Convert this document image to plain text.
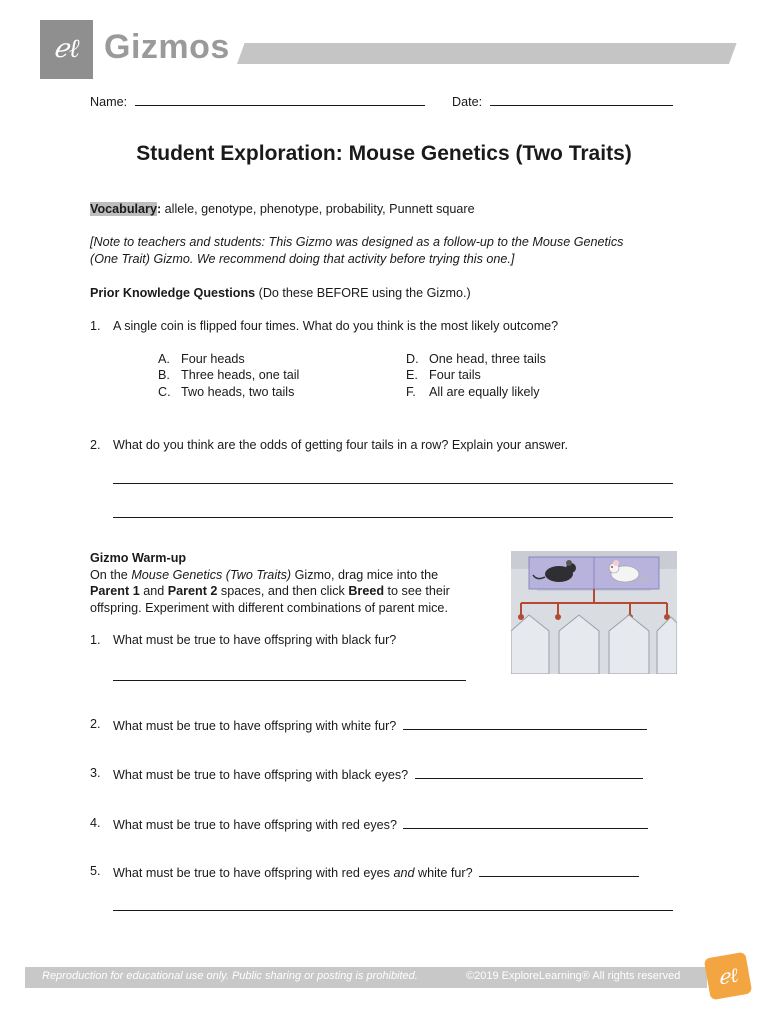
ℯℓ Gizmos
Name:	Date:
Student Exploration: Mouse Genetics (Two Traits)
Vocabulary: allele, genotype, phenotype, probability, Punnett square
[Note to teachers and students: This Gizmo was designed as a follow-up to the Mouse Genetics
(One Trait) Gizmo. We recommend doing that activity before trying this one.]
Prior Knowledge Questions (Do these BEFORE using the Gizmo.)
1. A single coin is flipped four times. What do you think is the most likely outcome?
A. Four heads
B. Three heads, one tail
C. Two heads, two tails
D. One head, three tails
E. Four tails
F. All are equally likely
2. What do you think are the odds of getting four tails in a row? Explain your answer.
Gizmo Warm-up
On the Mouse Genetics (Two Traits) Gizmo, drag mice into the
Parent 1 and Parent 2 spaces, and then click Breed to see their
offspring. Experiment with different combinations of parent mice.
1. What must be true to have offspring with black fur?
2. What must be true to have offspring with white fur?
3. What must be true to have offspring with black eyes?
4. What must be true to have offspring with red eyes?
5. What must be true to have offspring with red eyes and white fur?
Reproduction for educational use only. Public sharing or posting is prohibited.	©2019 ExploreLearning® All rights reserved	ℯℓ
